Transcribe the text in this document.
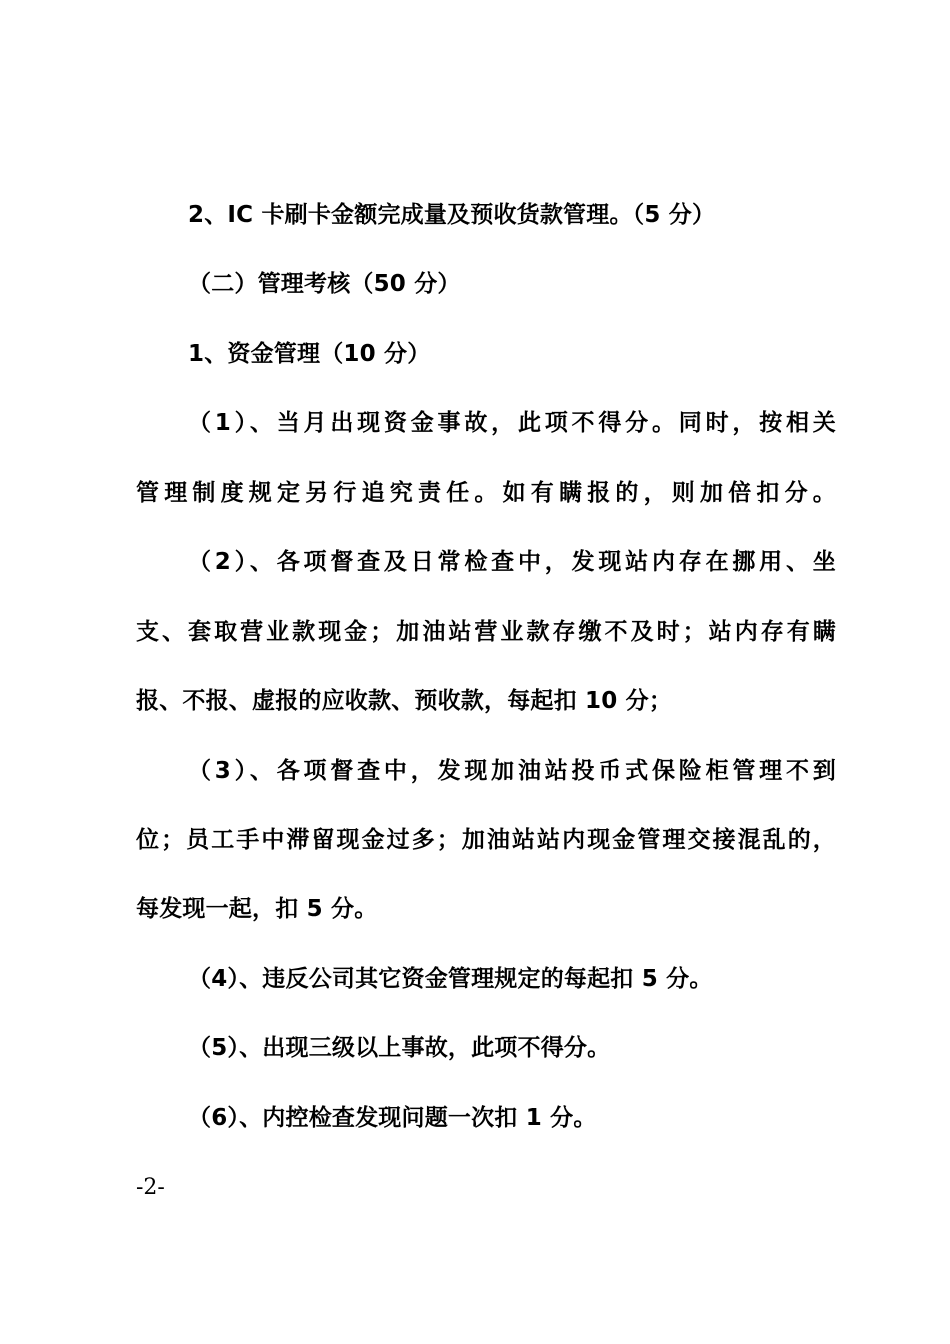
2、IC 卡刷卡金额完成量及预收货款管理。（5 分）
（二）管理考核（50 分）
1、资金管理（10 分）
（1）、当月出现资金事故，此项不得分。同时，按相关
管理制度规定另行追究责任。如有瞒报的，则加倍扣分。
（2）、各项督查及日常检查中，发现站内存在挪用、坐
支、套取营业款现金；加油站营业款存缴不及时；站内存有瞒
报、不报、虚报的应收款、预收款，每起扣 10 分；
（3）、各项督查中，发现加油站投币式保险柜管理不到
位；员工手中滞留现金过多；加油站站内现金管理交接混乱的，
每发现一起，扣 5 分。
（4）、违反公司其它资金管理规定的每起扣 5 分。
（5）、出现三级以上事故，此项不得分。
（6）、内控检查发现问题一次扣 1 分。
-2-
